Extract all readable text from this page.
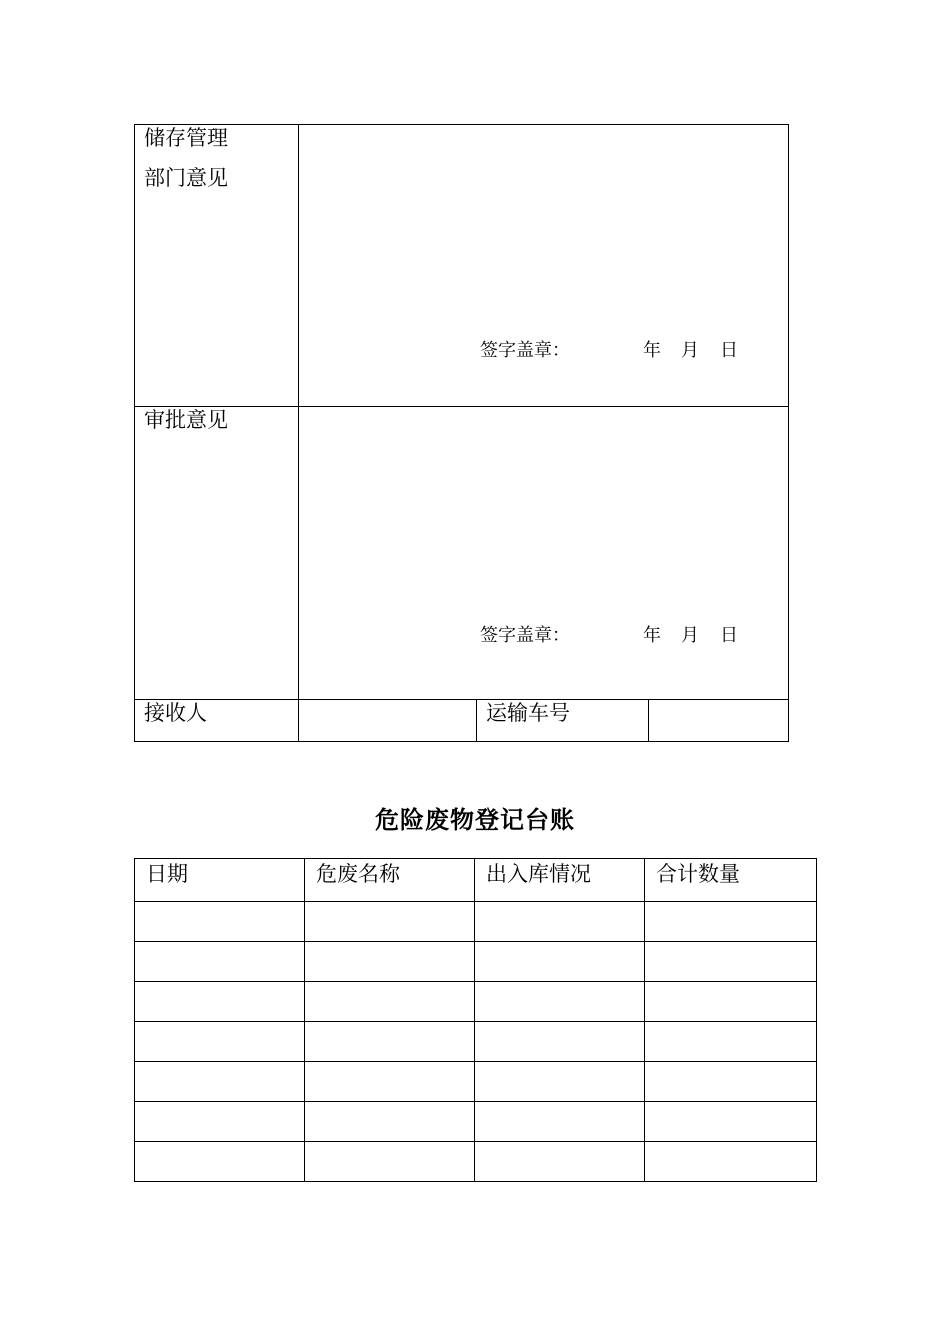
储存管理
部门意见
签字盖章：	年 月 日
审批意见
签字盖章：	年 月 日
接收人	运输车号
危险废物登记台账
日期	危废名称	出入库情况	合计数量
